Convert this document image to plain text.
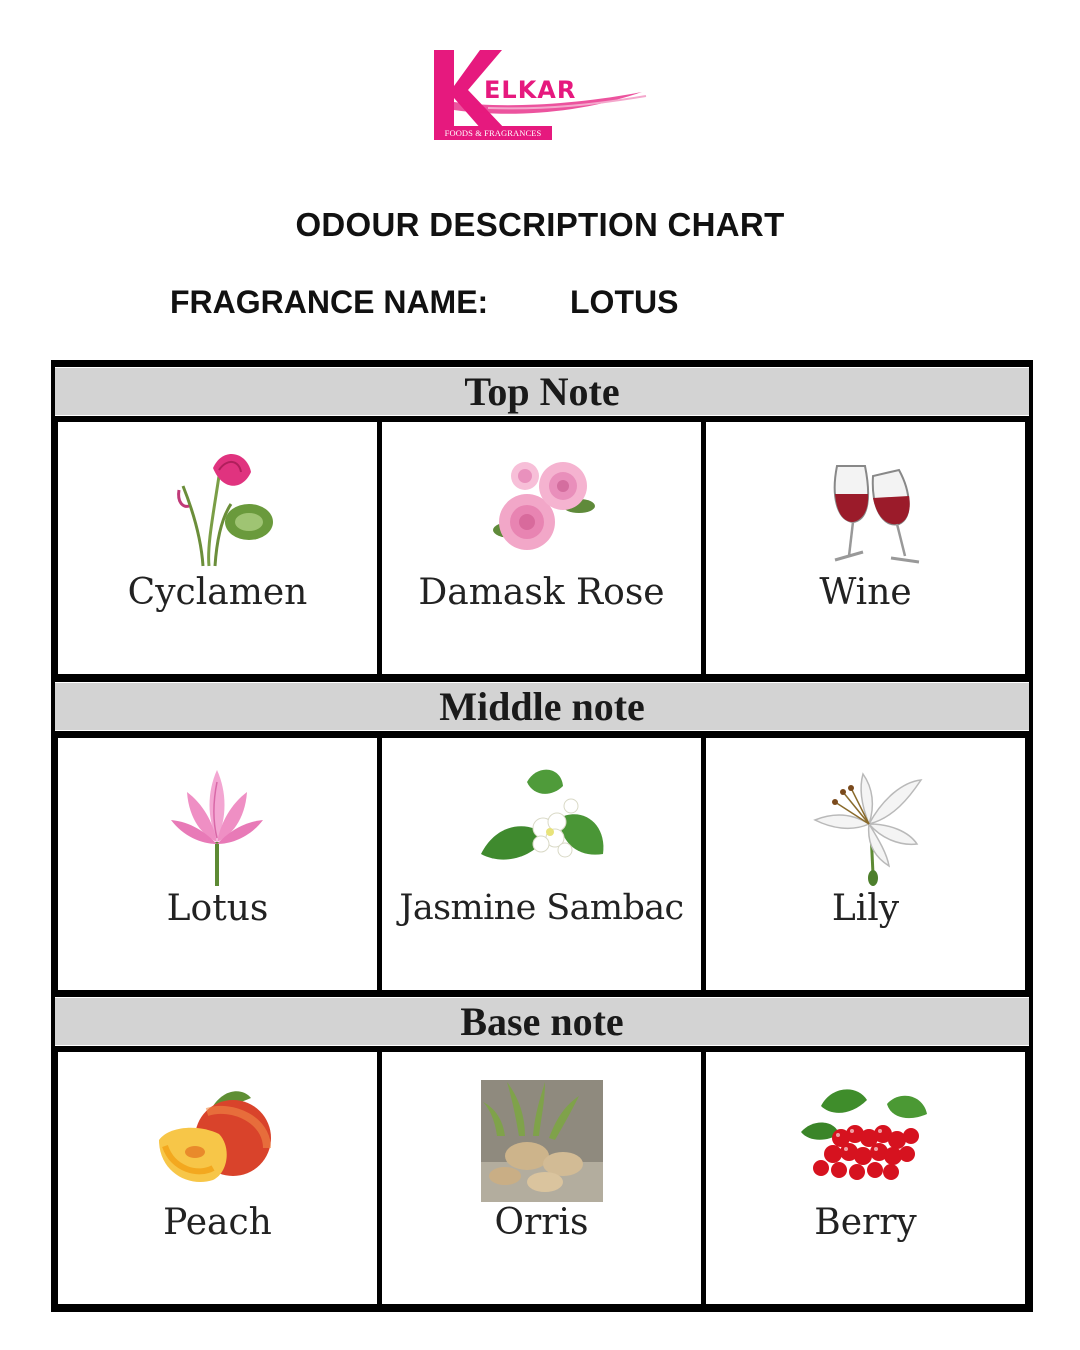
ELKAR
FOODS & FRAGRANCES
ODOUR DESCRIPTION CHART
FRAGRANCE NAME:	LOTUS
Top Note
Cyclamen	Damask Rose	Wine
Middle note
Lotus	Jasmine Sambac	Lily
Base note
Peach	Orris	Berry
